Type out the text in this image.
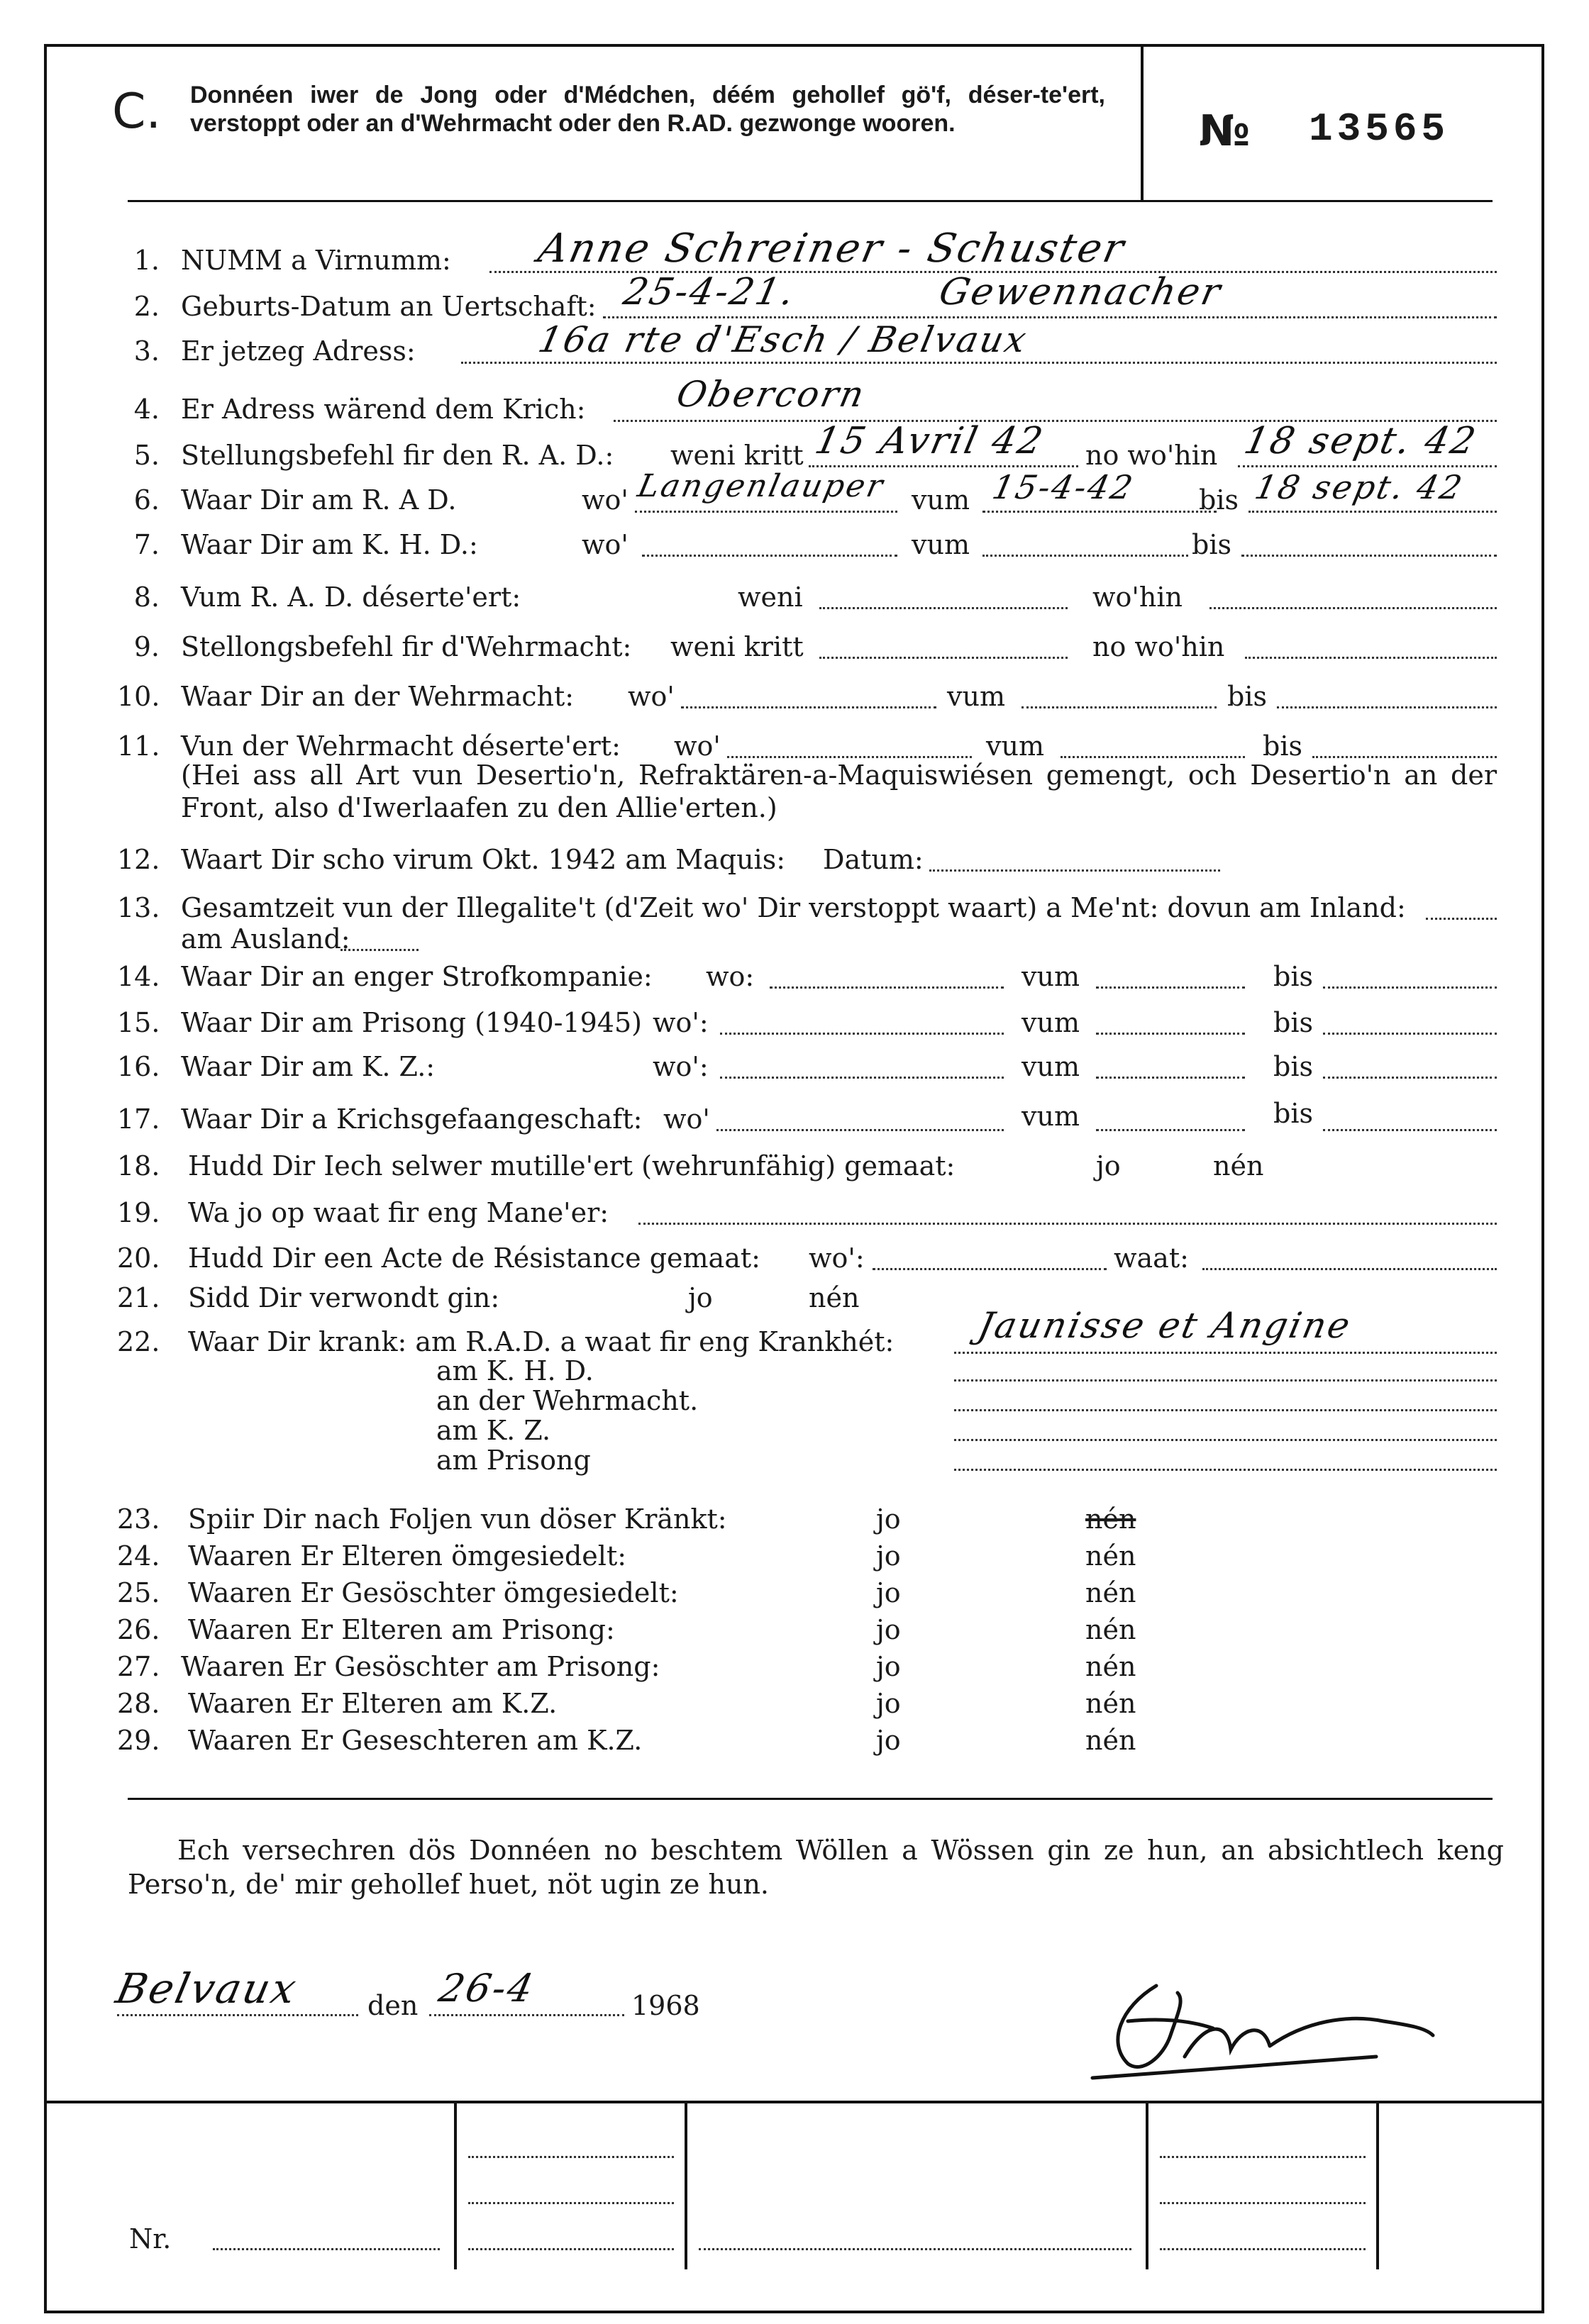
C. Donnéen iwer de Jong oder d'Médchen, déém gehollef gö'f, déser-te'ert, verstoppt oder an d'Wehrmacht oder den R.AD. gezwonge wooren.	№ 13565
1. NUMM a Virnumm: Anne Schreiner - Schuster
2. Geburts-Datum an Uertschaft: 25-4-21.	Gewennacher
3. Er jetzeg Adress:	16a rte d'Esch / Belvaux
4. Er Adress wärend dem Krich: Obercorn
5. Stellungsbefehl fir den R. A. D.: weni kritt 15 Avril 42 no wo'hin 18 sept. 42
6. Waar Dir am R. A D.	wo' Langenlauper vum 15-4-42 bis 18 sept. 42
7. Waar Dir am K. H. D.:	wo'	vum	bis
8. Vum R. A. D. déserte'ert:	weni	wo'hin
9. Stellongsbefehl fir d'Wehrmacht: weni kritt	no wo'hin
10. Waar Dir an der Wehrmacht: wo'	vum	bis
11. Vun der Wehrmacht déserte'ert: wo'	vum	bis
(Hei ass all Art vun Desertio'n, Refraktären-a-Maquiswiésen gemengt, och Desertio'n an der Front, also d'Iwerlaafen zu den Allie'erten.)
12. Waart Dir scho virum Okt. 1942 am Maquis: Datum:
13. Gesamtzeit vun der Illegalite't (d'Zeit wo' Dir verstoppt waart) a Me'nt: dovun am Inland:
am Ausland:
14. Waar Dir an enger Strofkompanie: wo:	vum	bis
15. Waar Dir am Prisong (1940-1945) wo':	vum	bis
16. Waar Dir am K. Z.:	wo':	vum	bis
17. Waar Dir a Krichsgefaangeschaft: wo'	vum	bis
18. Hudd Dir Iech selwer mutille'ert (wehrunfähig) gemaat:	jo	nén
19. Wa jo op waat fir eng Mane'er:
20. Hudd Dir een Acte de Résistance gemaat: wo':	waat:
21. Sidd Dir verwondt gin:	jo	nén
22. Waar Dir krank: am R.A.D. a waat fir eng Krankhét: Jaunisse et Angine
am K. H. D.
an der Wehrmacht.
am K. Z.
am Prisong
23. Spiir Dir nach Foljen vun döser Kränkt:	jo	nén
24. Waaren Er Elteren ömgesiedelt:	jo	nén
25. Waaren Er Gesöschter ömgesiedelt:	jo	nén
26. Waaren Er Elteren am Prisong:	jo	nén
27. Waaren Er Gesöschter am Prisong:	jo	nén
28. Waaren Er Elteren am K.Z.	jo	nén
29. Waaren Er Geseschteren am K.Z.	jo	nén
Ech versechren dös Donnéen no beschtem Wöllen a Wössen gin ze hun, an absichtlech keng Perso'n, de' mir gehollef huet, nöt ugin ze hun.
Belvaux den 26-4	1968
Nr.
